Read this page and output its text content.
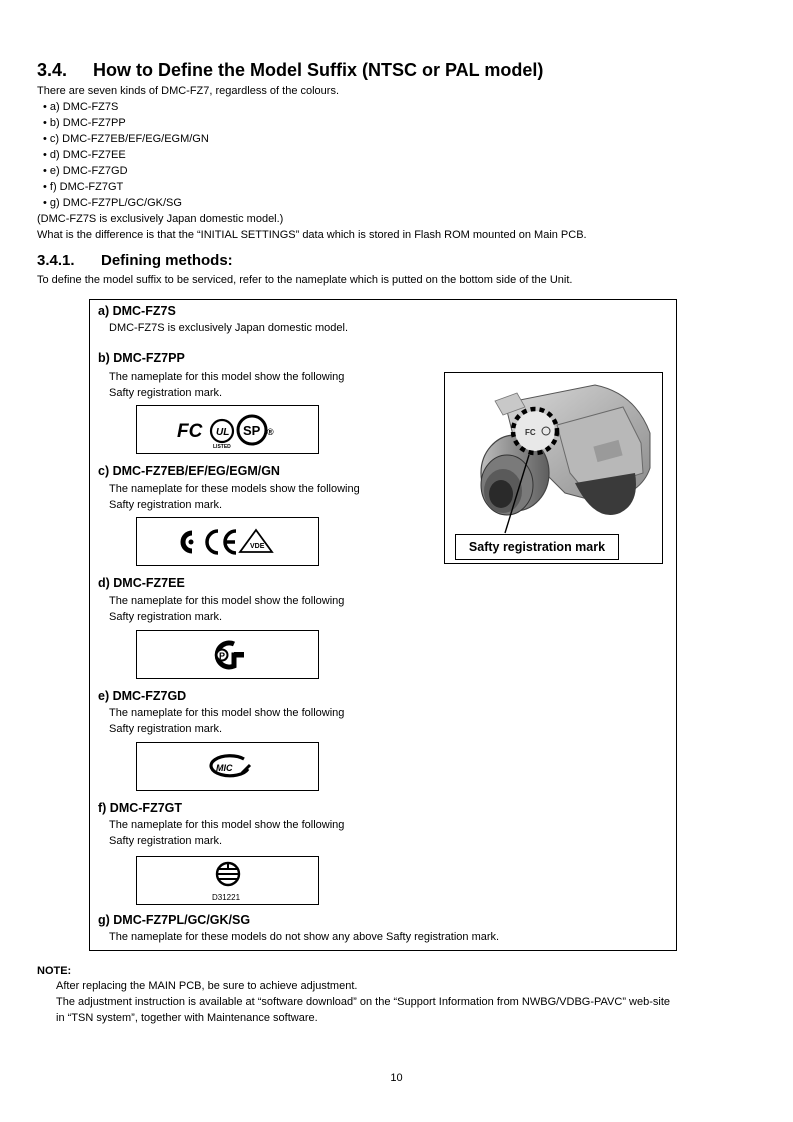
3.4. How to Define the Model Suffix (NTSC or PAL model)
There are seven kinds of DMC-FZ7, regardless of the colours.
• a) DMC-FZ7S
• b) DMC-FZ7PP
• c) DMC-FZ7EB/EF/EG/EGM/GN
• d) DMC-FZ7EE
• e) DMC-FZ7GD
• f) DMC-FZ7GT
• g) DMC-FZ7PL/GC/GK/SG
(DMC-FZ7S is exclusively Japan domestic model.)
What is the difference is that the “INITIAL SETTINGS” data which is stored in Flash ROM mounted on Main PCB.
3.4.1. Defining methods:
To define the model suffix to be serviced, refer to the nameplate which is putted on the bottom side of the Unit.
a) DMC-FZ7S
DMC-FZ7S is exclusively Japan domestic model.
b) DMC-FZ7PP
The nameplate for this model show the following
Safty registration mark.
FC UL
LISTED
SP ®
c) DMC-FZ7EB/EF/EG/EGM/GN
The nameplate for these models show the following
Safty registration mark.
VDE
d) DMC-FZ7EE
The nameplate for this model show the following
Safty registration mark.
P
e) DMC-FZ7GD
The nameplate for this model show the following
Safty registration mark.
MIC
f) DMC-FZ7GT
The nameplate for this model show the following
Safty registration mark.
D31221
g) DMC-FZ7PL/GC/GK/SG
The nameplate for these models do not show any above Safty registration mark.
FC
Safty registration mark
NOTE:
After replacing the MAIN PCB, be sure to achieve adjustment.
The adjustment instruction is available at “software download” on the “Support Information from NWBG/VDBG-PAVC” web-site
in “TSN system”, together with Maintenance software.
10
